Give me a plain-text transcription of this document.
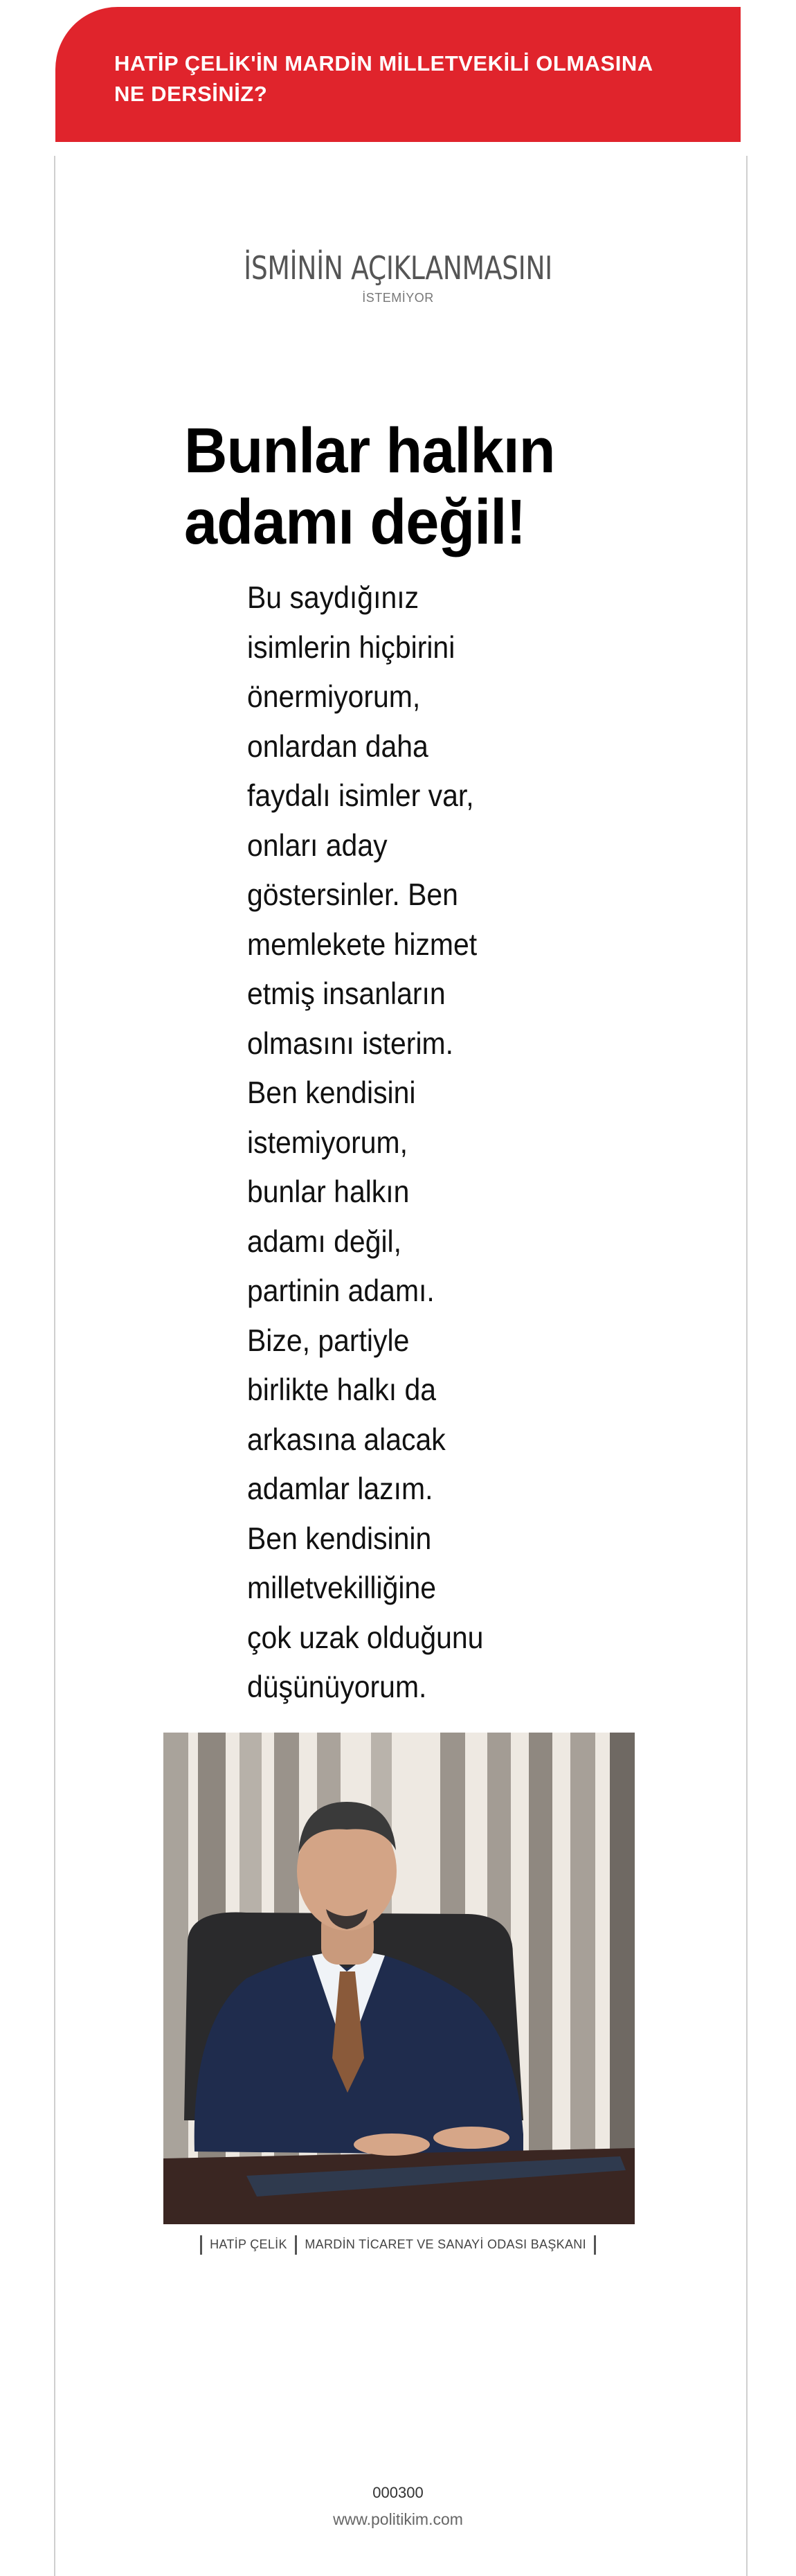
HATİP ÇELİK'İN MARDİN MİLLETVEKİLİ OLMASINA
NE DERSİNİZ?

İSMİNİN AÇIKLANMASINI
İSTEMİYOR
Bunlar halkın
adamı değil!
Bu saydığınız
isimlerin hiçbirini
önermiyorum,
onlardan daha
faydalı isimler var,
onları aday
göstersinler. Ben
memlekete hizmet
etmiş insanların
olmasını isterim.
Ben kendisini
istemiyorum,
bunlar halkın
adamı değil,
partinin adamı.
Bize, partiyle
birlikte halkı da
arkasına alacak
adamlar lazım.
Ben kendisinin
milletvekilliğine
çok uzak olduğunu
düşünüyorum.
HATİP ÇELİK MARDİN TİCARET VE SANAYİ ODASI BAŞKANI
000300
www.politikim.com
